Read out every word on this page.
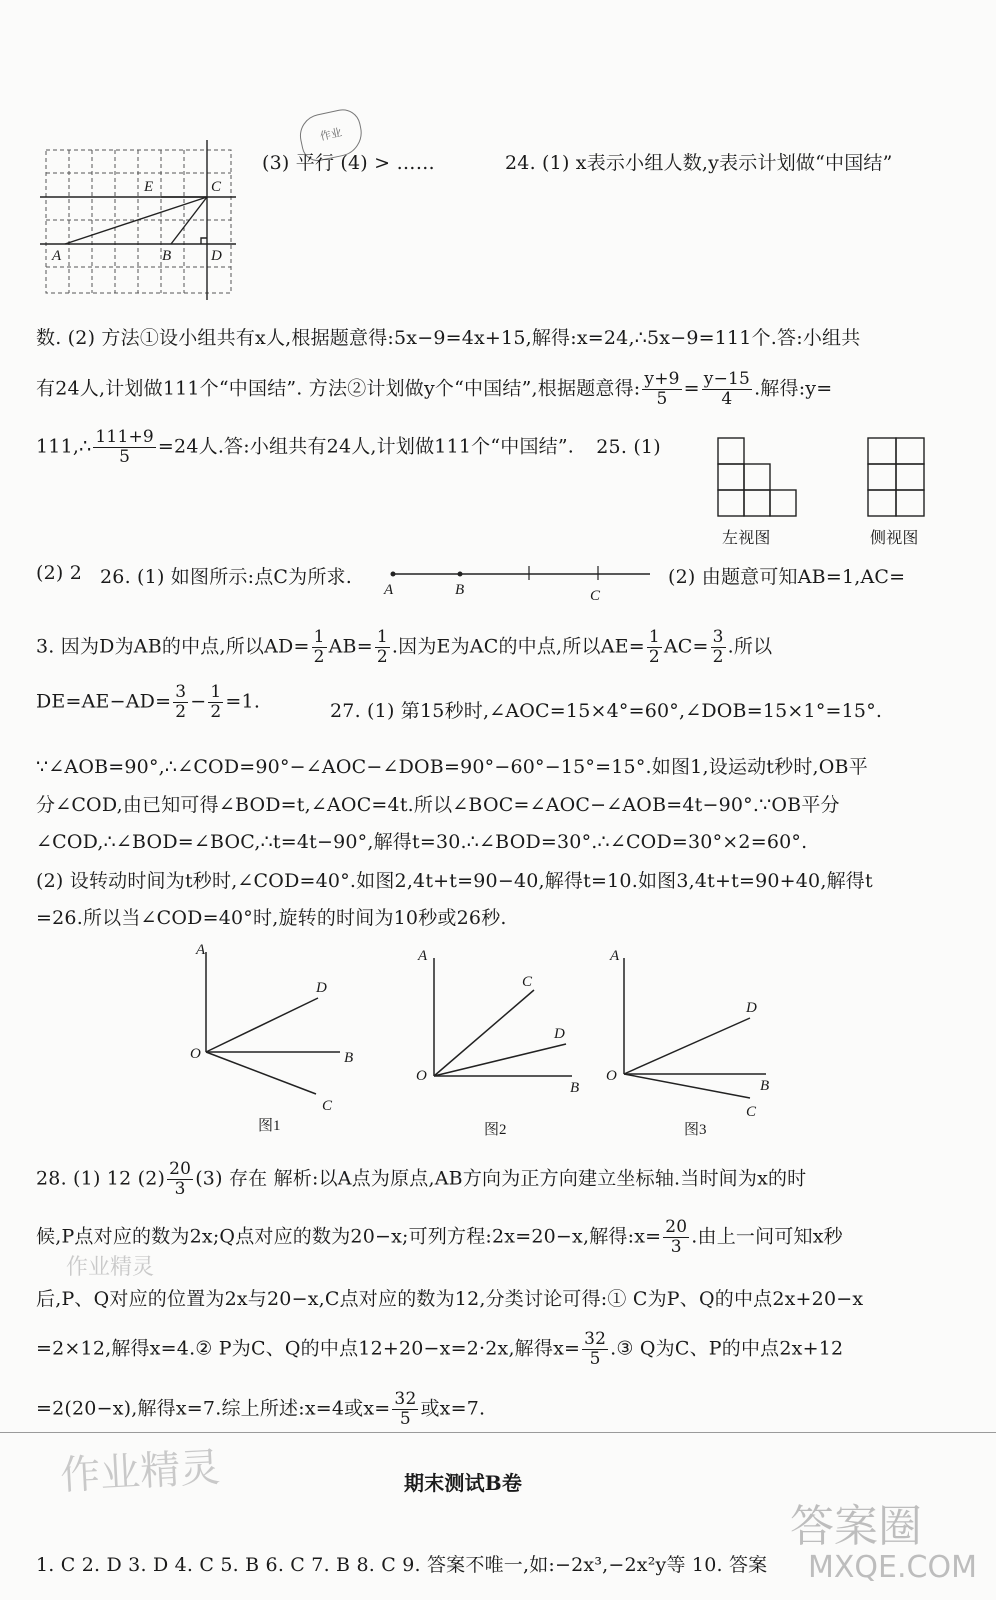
E	C
A	B	D
作业
(3) 平行 (4) > ……	24. (1) x表示小组人数,y表示计划做“中国结”
数. (2) 方法①设小组共有x人,根据题意得:5x−9=4x+15,解得:x=24,∴5x−9=111个.答:小组共
有24人,计划做111个“中国结”. 方法②计划做y个“中国结”,根据题意得: $\frac{y+9}{5} = \frac{y-15}{4}$ .解得:y=
111,∴ $\frac{111+9}{5} =24$人.答:小组共有24人,计划做111个“中国结”. 25. (1)
左视图	侧视图
(2) 2 26. (1) 如图所示:点C为所求.
A	B	C
(2) 由题意可知AB=1,AC=
3. 因为D为AB的中点,所以$AD= \frac{1}{2} AB= \frac{1}{2}$ .因为E为AC的中点,所以$AE= \frac{1}{2} AC= \frac{3}{2}$ .所以
$DE=AE-AD= \frac{3}{2} - \frac{1}{2} =1$.	27. (1) 第15秒时,∠AOC=15×4°=60°,∠DOB=15×1°=15°.
∵∠AOB=90°,∴∠COD=90°−∠AOC−∠DOB=90°−60°−15°=15°.如图1,设运动t秒时,OB平
分∠COD,由已知可得∠BOD=t,∠AOC=4t.所以∠BOC=∠AOC−∠AOB=4t−90°.∵OB平分
∠COD,∴∠BOD=∠BOC,∴t=4t−90°,解得t=30.∴∠BOD=30°.∴∠COD=30°×2=60°.
(2) 设转动时间为t秒时,∠COD=40°.如图2,4t+t=90−40,解得t=10.如图3,4t+t=90+40,解得t
=26.所以当∠COD=40°时,旋转的时间为10秒或26秒.
A
D
O	B
C
图1
A
C
D
O
B
图2
A
D
O
B
C
图3
28. (1) 12 $(2) \frac{20}{3} (3)$ 存在 解析:以A点为原点,AB方向为正方向建立坐标轴.当时间为x的时
候,P点对应的数为2x;Q点对应的数为20−x;可列方程:2x=20−x,解得:x= $\frac{20}{3}$ .由上一问可知x秒
后,P、Q对应的位置为2x与20−x,C点对应的数为12,分类讨论可得:① C为P、Q的中点2x+20−x
=2×12,解得x=4.② P为C、Q的中点12+20−x=2·2x,解得$x= \frac{32}{5}$ .③ Q为C、P的中点2x+12
=2(20−x),解得x=7.综上所述:x=4或$x= \frac{32}{5}$ 或x=7.
期末测试B卷
1. C 2. D 3. D 4. C 5. B 6. C 7. B 8. C 9. 答案不唯一,如:−2x³,−2x²y等 10. 答案
作业精灵
作业精灵
答案圈
MXQE.COM
